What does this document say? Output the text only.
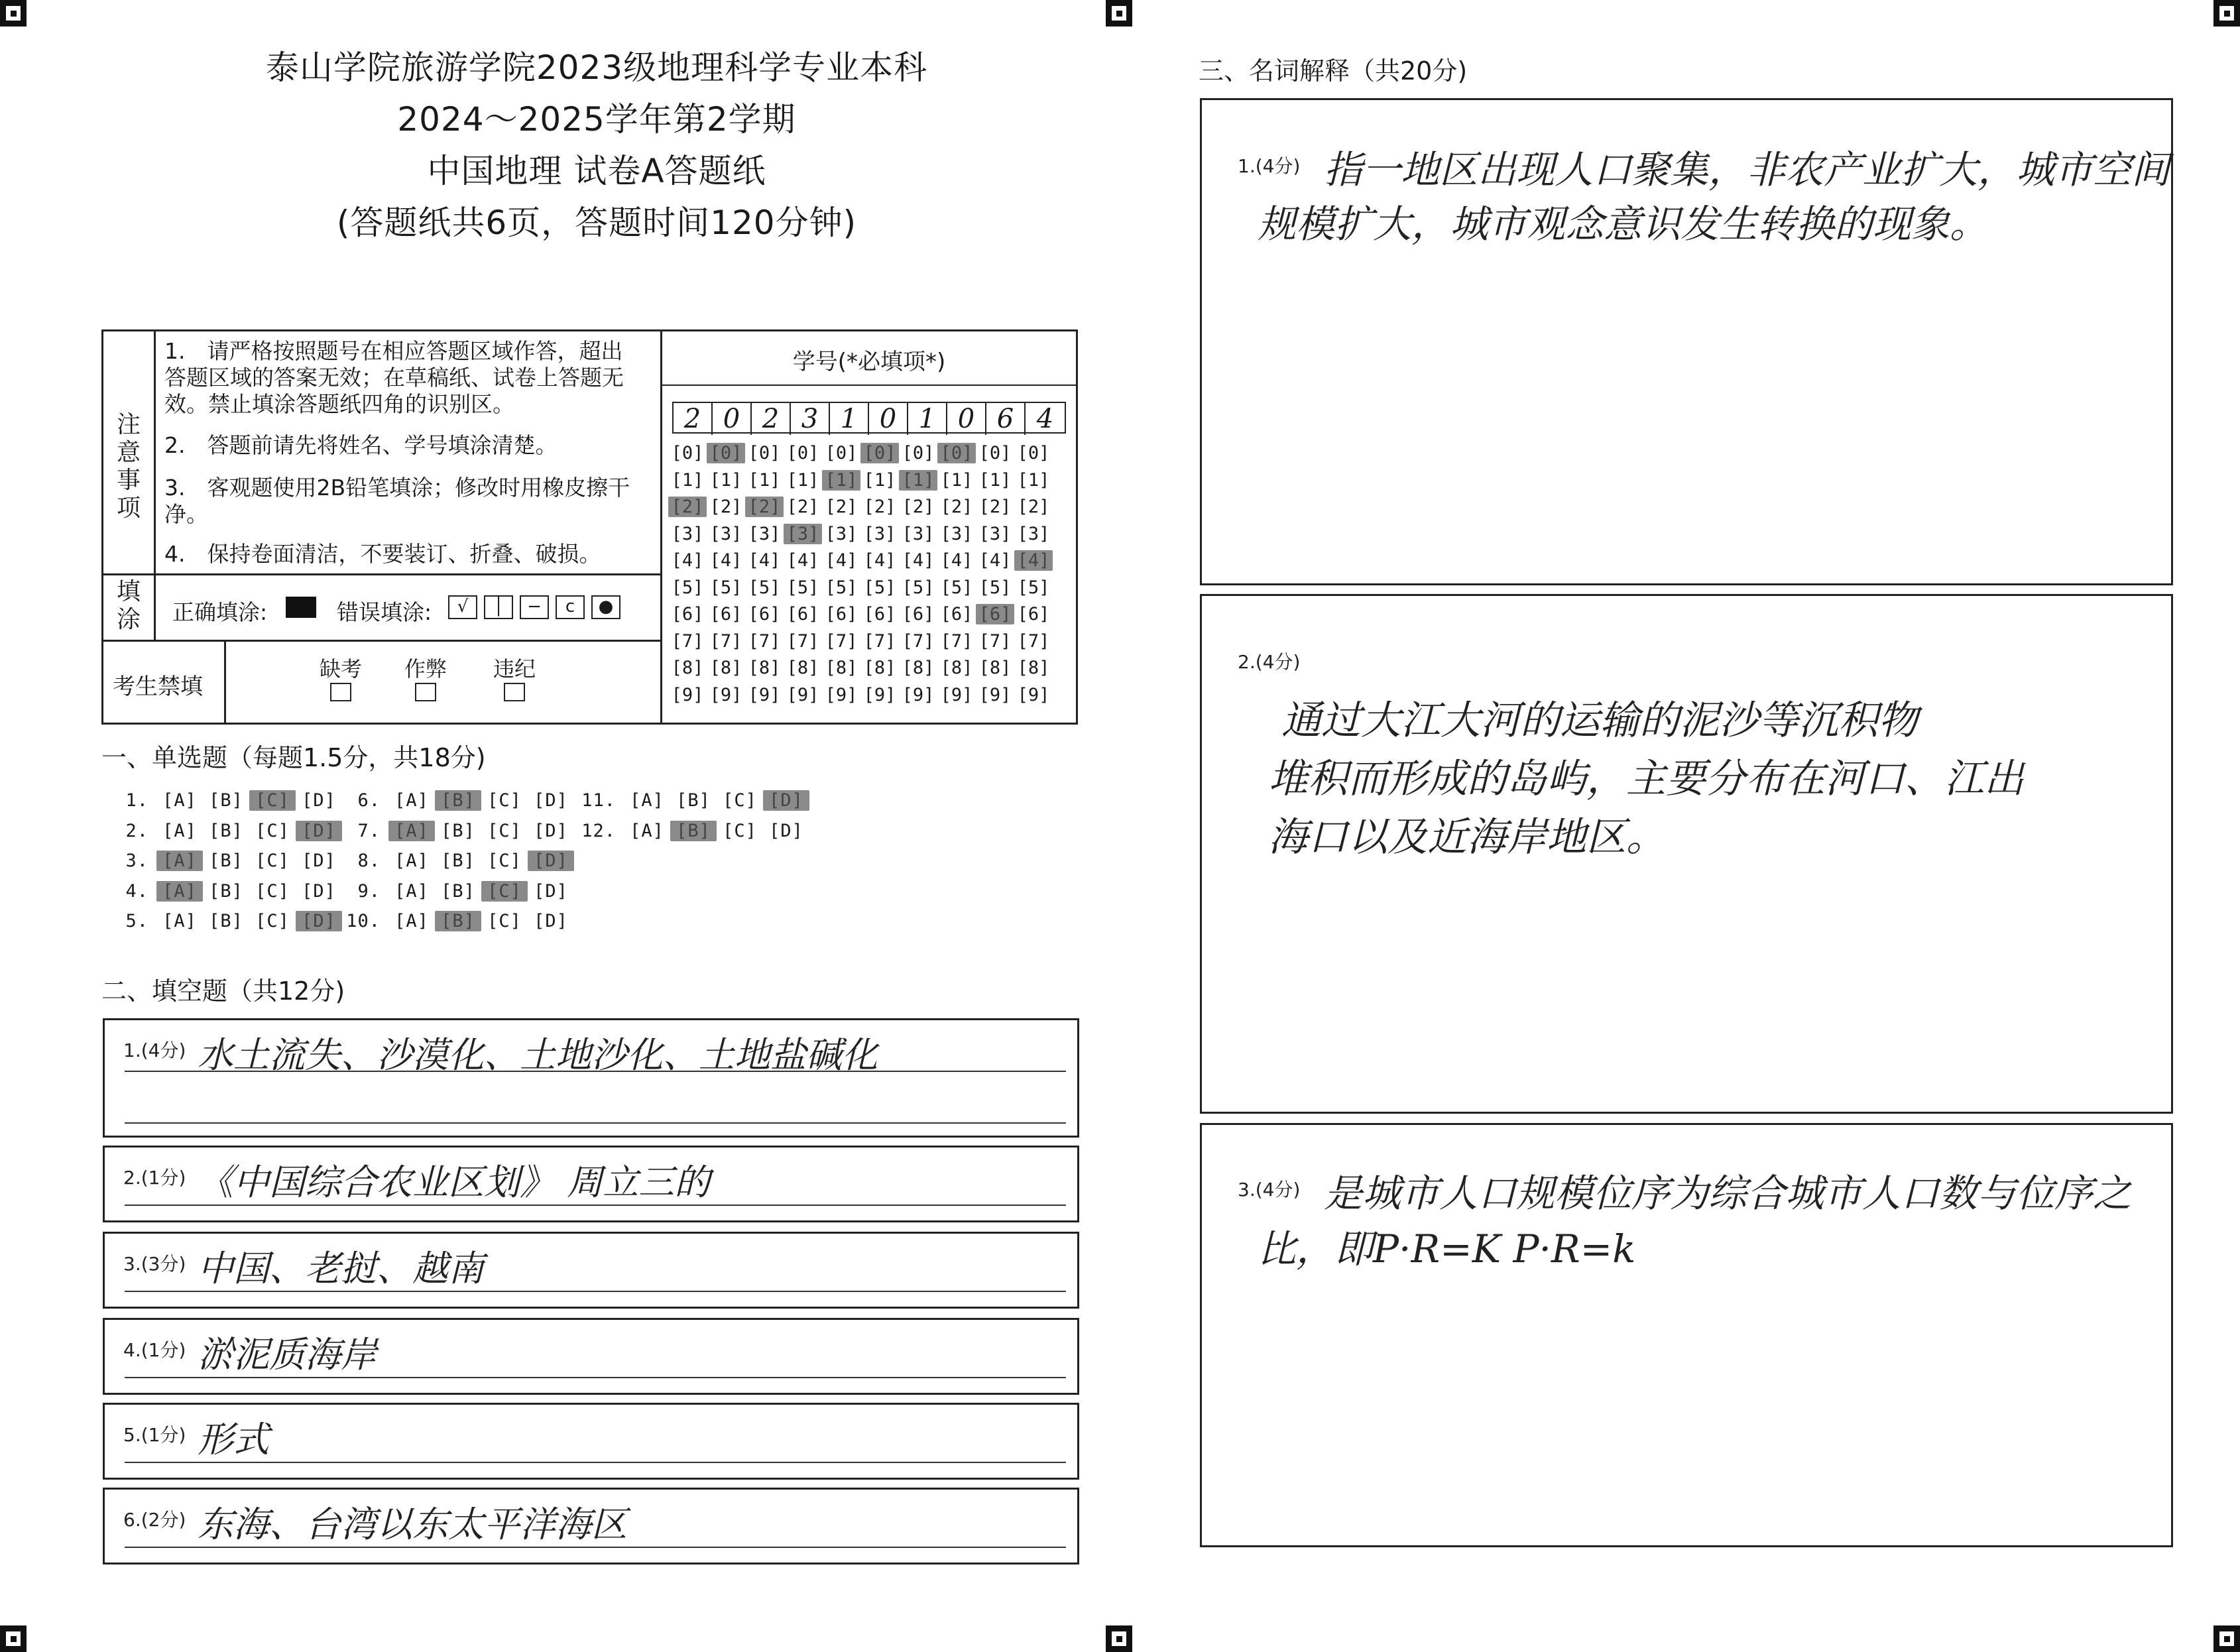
泰山学院旅游学院2023级地理科学专业本科
2024～2025学年第2学期
中国地理 试卷A答题纸
(答题纸共6页，答题时间120分钟)
注意事项
1.　请严格按照题号在相应答题区域作答，超出答题区域的答案无效；在草稿纸、试卷上答题无效。禁止填涂答题纸四角的识别区。
2.　答题前请先将姓名、学号填涂清楚。
3.　客观题使用2B铅笔填涂；修改时用橡皮擦干净。
4.　保持卷面清洁，不要装订、折叠、破损。
填涂 正确填涂:	错误填涂:	√ │ − c ●
考生禁填
缺考 作弊 违纪
学号(*必填项*)
2 0 2 3 1 0 1 0 6 4
[0] [0] [0] [0] [0] [0] [0] [0] [0] [0]
[1] [1] [1] [1] [1] [1] [1] [1] [1] [1]
[2] [2] [2] [2] [2] [2] [2] [2] [2] [2]
[3] [3] [3] [3] [3] [3] [3] [3] [3] [3]
[4] [4] [4] [4] [4] [4] [4] [4] [4] [4]
[5] [5] [5] [5] [5] [5] [5] [5] [5] [5]
[6] [6] [6] [6] [6] [6] [6] [6] [6] [6]
[7] [7] [7] [7] [7] [7] [7] [7] [7] [7]
[8] [8] [8] [8] [8] [8] [8] [8] [8] [8]
[9] [9] [9] [9] [9] [9] [9] [9] [9] [9]
一、单选题（每题1.5分，共18分)
1. [A] [B] [C] [D]
2. [A] [B] [C] [D]
3. [A] [B] [C] [D]
4. [A] [B] [C] [D]
5. [A] [B] [C] [D]
6. [A] [B] [C] [D]
7. [A] [B] [C] [D]
8. [A] [B] [C] [D]
9. [A] [B] [C] [D]
10. [A] [B] [C] [D]
11. [A] [B] [C] [D]
12. [A] [B] [C] [D]
二、填空题（共12分)
1.(4分) 水土流失、沙漠化、土地沙化、土地盐碱化
2.(1分) 《中国综合农业区划》 周立三的
3.(3分) 中国、老挝、越南
4.(1分) 淤泥质海岸
5.(1分) 形式
6.(2分) 东海、台湾以东太平洋海区
三、名词解释（共20分)
1.(4分) 指一地区出现人口聚集，非农产业扩大，城市空间
规模扩大，城市观念意识发生转换的现象。
2.(4分)
通过大江大河的运输的泥沙等沉积物
堆积而形成的岛屿，主要分布在河口、江出
海口以及近海岸地区。
3.(4分) 是城市人口规模位序为综合城市人口数与位序之
比，即P·R=K P·R=k
